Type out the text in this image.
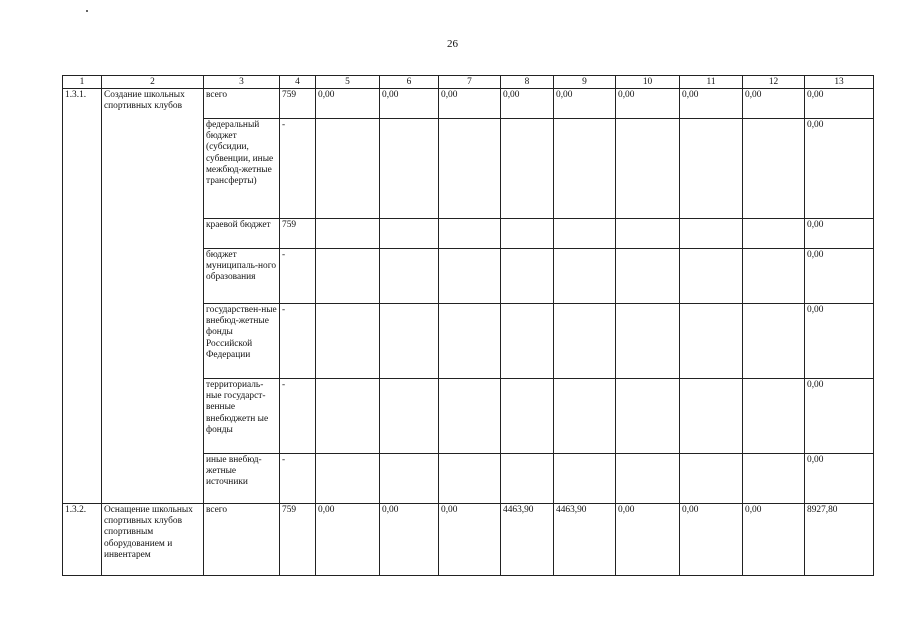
26
1	2	3	4	5	6	7	8	9	10	11	12	13
1.3.1.	Создание школьных спортивных клубов	всего	759	0,00	0,00	0,00	0,00	0,00	0,00	0,00	0,00	0,00
		федеральный бюджет (субсидии, субвенции, иные межбюд-жетные трансферты)	-									0,00
		краевой бюджет	759									0,00
		бюджет муниципаль-ного образования	-									0,00
		государствен-ные внебюд-жетные фонды Российской Федерации	-									0,00
		территориаль-ные государст-венные внебюджетн ые фонды	-									0,00
		иные внебюд-жетные источники	-									0,00
1.3.2.	Оснащение школьных спортивных клубов спортивным оборудованием и инвентарем	всего	759	0,00	0,00	0,00	4463,90	4463,90	0,00	0,00	0,00	8927,80
